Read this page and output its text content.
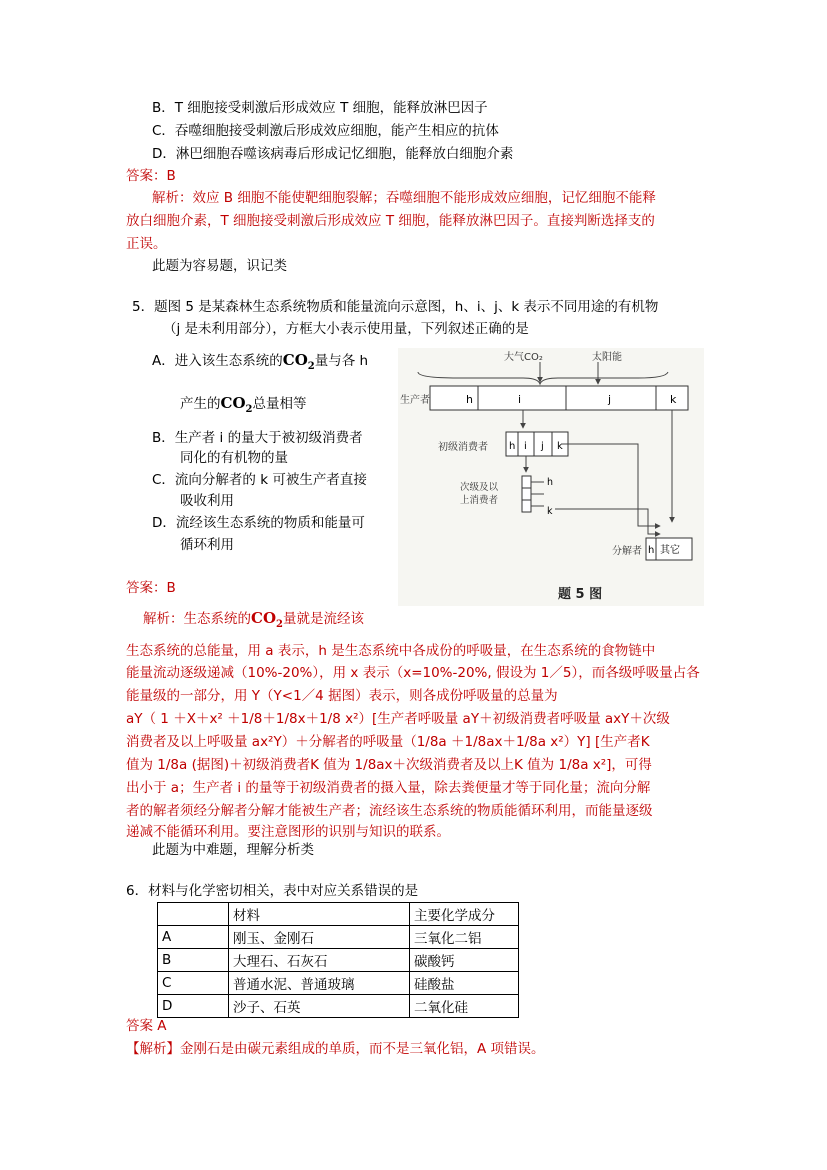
B．T 细胞接受刺激后形成效应 T 细胞，能释放淋巴因子
C．吞噬细胞接受刺激后形成效应细胞，能产生相应的抗体
D．淋巴细胞吞噬该病毒后形成记忆细胞，能释放白细胞介素
答案：B
解析：效应 B 细胞不能使靶细胞裂解；吞噬细胞不能形成效应细胞，记忆细胞不能释
放白细胞介素，T 细胞接受刺激后形成效应 T 细胞，能释放淋巴因子。直接判断选择支的
正误。
此题为容易题，识记类
5．题图 5 是某森林生态系统物质和能量流向示意图，h、i、j、k 表示不同用途的有机物
（j 是未利用部分），方框大小表示使用量，下列叙述正确的是
A．进入该生态系统的$CO_2$量与各 h
产生的$CO_2$总量相等
B．生产者 i 的量大于被初级消费者
同化的有机物的量
C．流向分解者的 k 可被生产者直接
吸收利用
D．流经该生态系统的物质和能量可
循环利用
答案：B
解析：生态系统的$CO_2$量就是流经该
生态系统的总能量，用 a 表示，h 是生态系统中各成份的呼吸量，在生态系统的食物链中
能量流动逐级递减（10%-20%），用 x 表示（x=10%-20%, 假设为 1／5），而各级呼吸量占各
能量级的一部分，用 Y（Y<1／4 据图）表示，则各成份呼吸量的总量为
aY（ 1 ＋X＋x² ＋1/8＋1/8x＋1/8 x²）[生产者呼吸量 aY＋初级消费者呼吸量 axY＋次级
消费者及以上呼吸量 ax²Y）＋分解者的呼吸量（1/8a ＋1/8ax＋1/8a x²）Y] [生产者K
值为 1/8a (据图)＋初级消费者K 值为 1/8ax＋次级消费者及以上K 值为 1/8a x²]，可得
出小于 a；生产者 i 的量等于初级消费者的摄入量，除去粪便量才等于同化量；流向分解
者的解者须经分解者分解才能被生产者；流经该生态系统的物质能循环利用，而能量逐级
递减不能循环利用。要注意图形的识别与知识的联系。
此题为中难题，理解分析类
大气CO₂	太阳能
生产者	h	i	j	k
初级消费者 h i j k
次级及以
上消费者
h
k
分解者 h 其它
题 5 图
6．材料与化学密切相关，表中对应关系错误的是
	材料	主要化学成分
A	刚玉、金刚石	三氧化二铝
B	大理石、石灰石	碳酸钙
C	普通水泥、普通玻璃	硅酸盐
D	沙子、石英	二氧化硅
答案 A
【解析】金刚石是由碳元素组成的单质，而不是三氧化铝，A 项错误。
